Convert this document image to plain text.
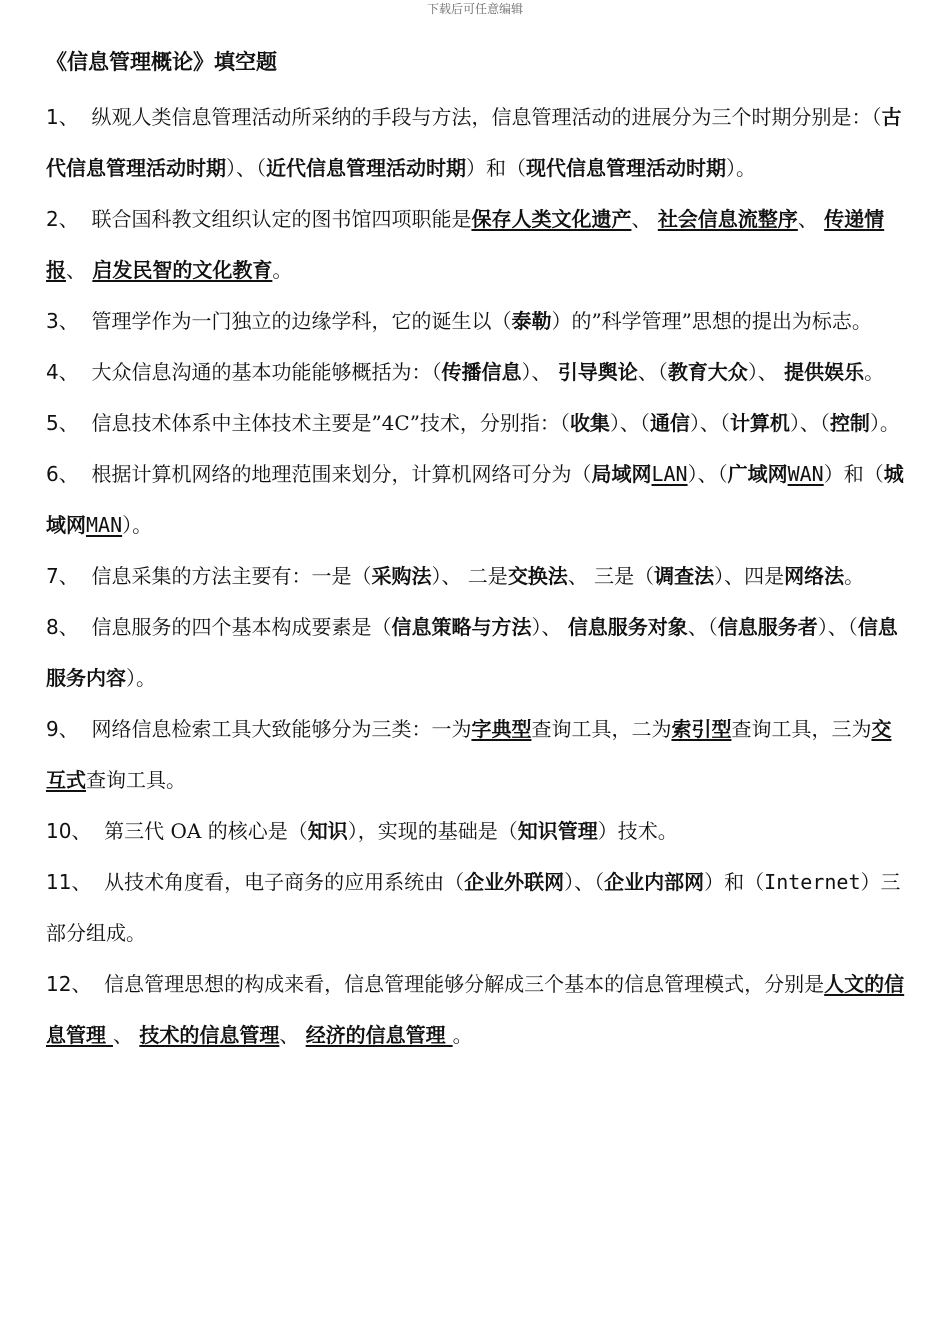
下载后可任意编辑
《信息管理概论》填空题

1、  纵观人类信息管理活动所采纳的手段与方法，信息管理活动的进展分为三个时期分别是：（古代信息管理活动时期）、（近代信息管理活动时期）和（现代信息管理活动时期）。

2、  联合国科教文组织认定的图书馆四项职能是保存人类文化遗产、 社会信息流整序、 传递情报、 启发民智的文化教育。

3、  管理学作为一门独立的边缘学科，它的诞生以（泰勒）的”科学管理”思想的提出为标志。

4、  大众信息沟通的基本功能能够概括为：（传播信息）、 引导舆论、（教育大众）、 提供娱乐。

5、  信息技术体系中主体技术主要是”4C”技术，分别指：（收集）、（通信）、（计算机）、（控制）。

6、  根据计算机网络的地理范围来划分，计算机网络可分为（局域网LAN）、（广域网WAN）和（城域网MAN）。

7、  信息采集的方法主要有：一是（采购法）、 二是交换法、 三是（调查法）、四是网络法。

8、  信息服务的四个基本构成要素是（信息策略与方法）、 信息服务对象、（信息服务者）、（信息服务内容）。

9、  网络信息检索工具大致能够分为三类：一为字典型查询工具，二为索引型查询工具，三为交互式查询工具。

10、  第三代 OA 的核心是（知识），实现的基础是（知识管理）技术。

11、  从技术角度看，电子商务的应用系统由（企业外联网）、（企业内部网）和（Internet）三部分组成。

12、  信息管理思想的构成来看，信息管理能够分解成三个基本的信息管理模式，分别是人文的信息管理 、 技术的信息管理、 经济的信息管理 。
